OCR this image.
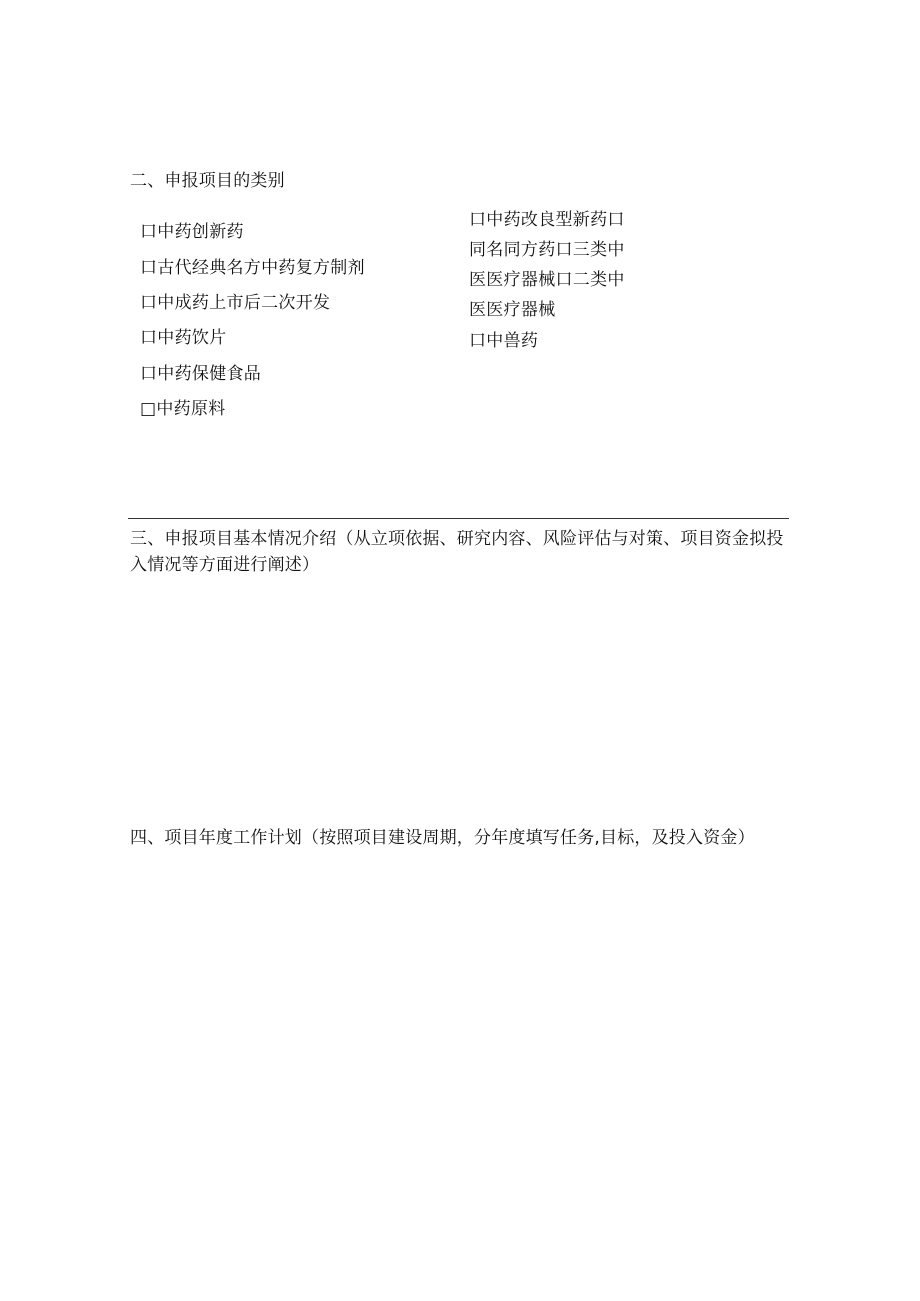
二、申报项目的类别
口中药创新药
口古代经典名方中药复方制剂
口中成药上市后二次开发
口中药饮片
口中药保健食品
□中药原料
口中药改良型新药口
同名同方药口三类中
医医疗器械口二类中
医医疗器械
口中兽药
三、申报项目基本情况介绍（从立项依据、研究内容、风险评估与对策、项目资金拟投入情况等方面进行阐述）
四、项目年度工作计划（按照项目建设周期，分年度填写任务,目标，及投入资金）
